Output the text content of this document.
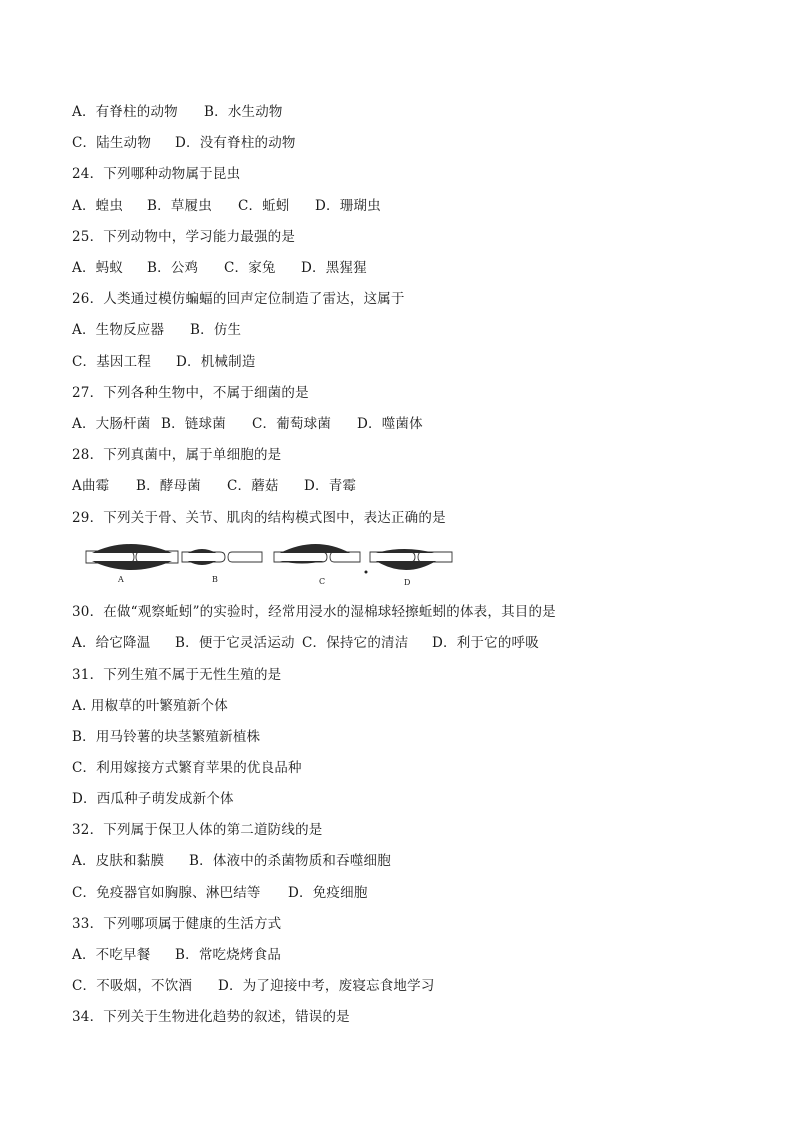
A．有脊柱的动物 B．水生动物
C．陆生动物 D．没有脊柱的动物
24．下列哪种动物属于昆虫
A．蝗虫 B．草履虫 C．蚯蚓 D．珊瑚虫
25．下列动物中，学习能力最强的是
A．蚂蚁 B．公鸡 C．家兔 D．黑猩猩
26．人类通过模仿蝙蝠的回声定位制造了雷达，这属于
A．生物反应器 B．仿生
C．基因工程 D．机械制造
27．下列各种生物中，不属于细菌的是
A．大肠杆菌 B．链球菌 C．葡萄球菌 D．噬菌体
28．下列真菌中，属于单细胞的是
A曲霉 B．酵母菌 C．蘑菇 D．青霉
29．下列关于骨、关节、肌肉的结构模式图中，表达正确的是
A	B	C	D
30．在做“观察蚯蚓”的实验时，经常用浸水的湿棉球轻擦蚯蚓的体表，其目的是
A．给它降温 B．便于它灵活运动 C．保持它的清洁 D．利于它的呼吸
31．下列生殖不属于无性生殖的是
A. 用椒草的叶繁殖新个体
B．用马铃薯的块茎繁殖新植株
C．利用嫁接方式繁育苹果的优良品种
D．西瓜种子萌发成新个体
32．下列属于保卫人体的第二道防线的是
A．皮肤和黏膜 B．体液中的杀菌物质和吞噬细胞
C．免疫器官如胸腺、淋巴结等 D．免疫细胞
33．下列哪项属于健康的生活方式
A．不吃早餐 B．常吃烧烤食品
C．不吸烟，不饮酒 D．为了迎接中考，废寝忘食地学习
34．下列关于生物进化趋势的叙述，错误的是
